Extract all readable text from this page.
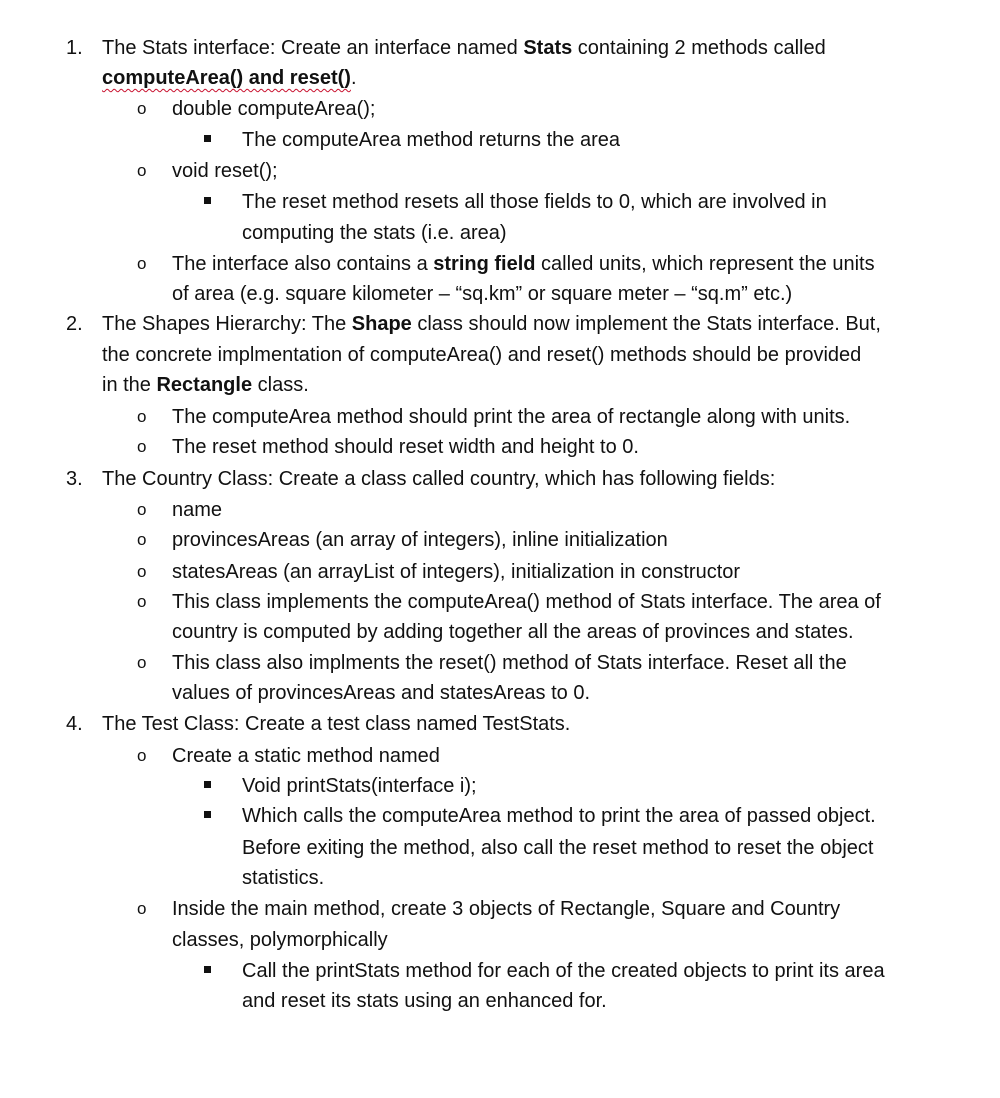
1. The Stats interface: Create an interface named Stats containing 2 methods called
computeArea() and reset().
o	double computeArea();
The computeArea method returns the area
o	void reset();
The reset method resets all those fields to 0, which are involved in
computing the stats (i.e. area)
o	The interface also contains a string field called units, which represent the units
of area (e.g. square kilometer – “sq.km” or square meter – “sq.m” etc.)
2. The Shapes Hierarchy: The Shape class should now implement the Stats interface. But,
the concrete implmentation of computeArea() and reset() methods should be provided
in the Rectangle class.
o	The computeArea method should print the area of rectangle along with units.
o	The reset method should reset width and height to 0.
3. The Country Class: Create a class called country, which has following fields:
o	name
o	provincesAreas (an array of integers), inline initialization
o	statesAreas (an arrayList of integers), initialization in constructor
o	This class implements the computeArea() method of Stats interface. The area of
country is computed by adding together all the areas of provinces and states.
o	This class also implments the reset() method of Stats interface. Reset all the
values of provincesAreas and statesAreas to 0.
4. The Test Class: Create a test class named TestStats.
o	Create a static method named
Void printStats(interface i);
Which calls the computeArea method to print the area of passed object.
Before exiting the method, also call the reset method to reset the object
statistics.
o	Inside the main method, create 3 objects of Rectangle, Square and Country
classes, polymorphically
Call the printStats method for each of the created objects to print its area
and reset its stats using an enhanced for.
